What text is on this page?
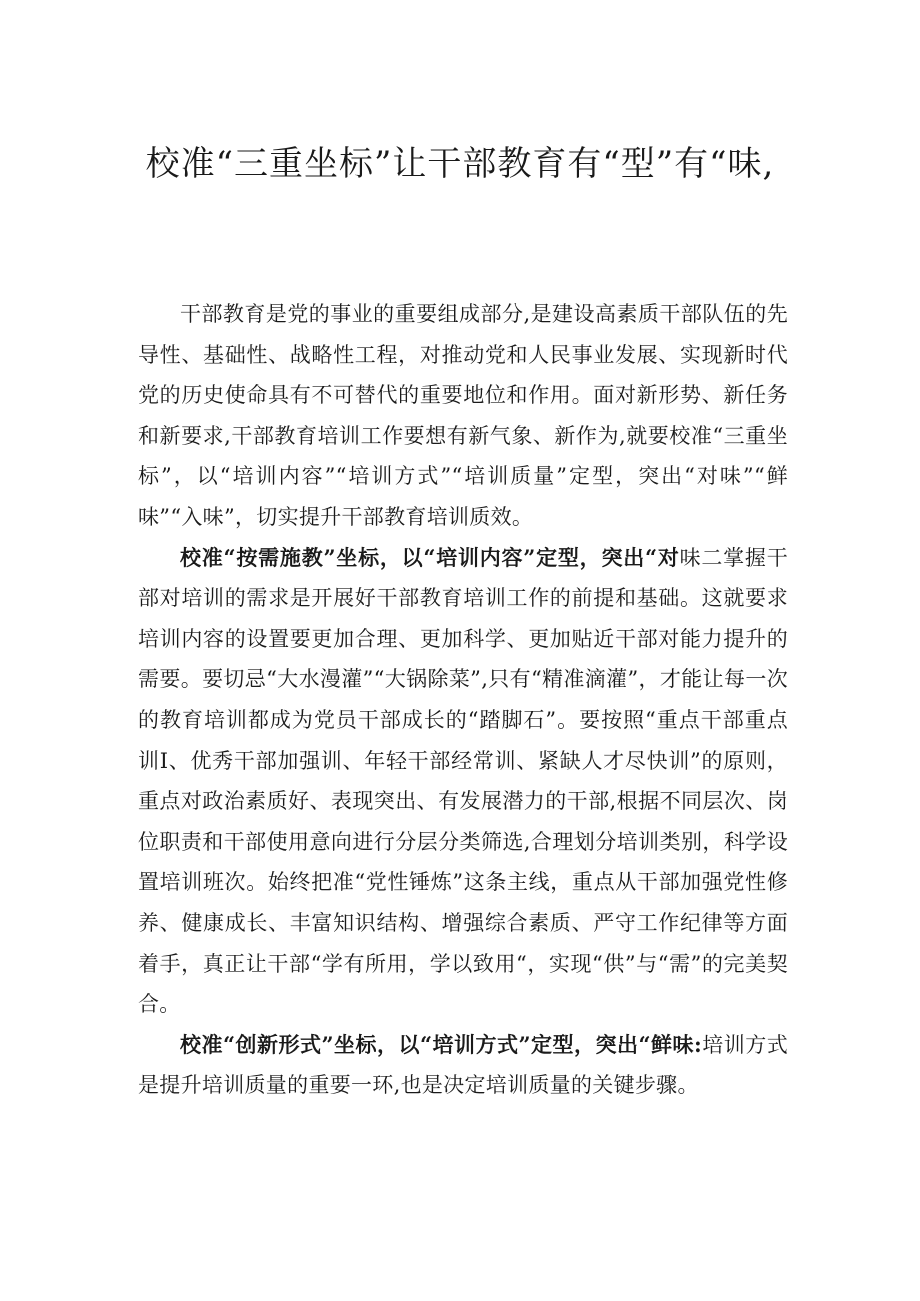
校准“三重坐标”让干部教育有“型”有“味,

干部教育是党的事业的重要组成部分,是建设高素质干部队伍的先导性、基础性、战略性工程，对推动党和人民事业发展、实现新时代党的历史使命具有不可替代的重要地位和作用。面对新形势、新任务和新要求,干部教育培训工作要想有新气象、新作为,就要校准“三重坐标”，以“培训内容”“培训方式”“培训质量”定型，突出“对味”“鲜味”“入味”，切实提升干部教育培训质效。

校准“按需施教”坐标，以“培训内容”定型，突出“对味二掌握干部对培训的需求是开展好干部教育培训工作的前提和基础。这就要求培训内容的设置要更加合理、更加科学、更加贴近干部对能力提升的需要。要切忌“大水漫灌”“大锅除菜”,只有“精准滴灌”，才能让每一次的教育培训都成为党员干部成长的“踏脚石”。要按照“重点干部重点训I、优秀干部加强训、年轻干部经常训、紧缺人才尽快训”的原则，重点对政治素质好、表现突出、有发展潜力的干部,根据不同层次、岗位职责和干部使用意向进行分层分类筛选,合理划分培训类别，科学设置培训班次。始终把准“党性锤炼”这条主线，重点从干部加强党性修养、健康成长、丰富知识结构、增强综合素质、严守工作纪律等方面着手，真正让干部“学有所用，学以致用“，实现“供”与“需”的完美契合。

校准“创新形式”坐标，以“培训方式”定型，突出“鲜味:培训方式是提升培训质量的重要一环,也是决定培训质量的关键步骤。
